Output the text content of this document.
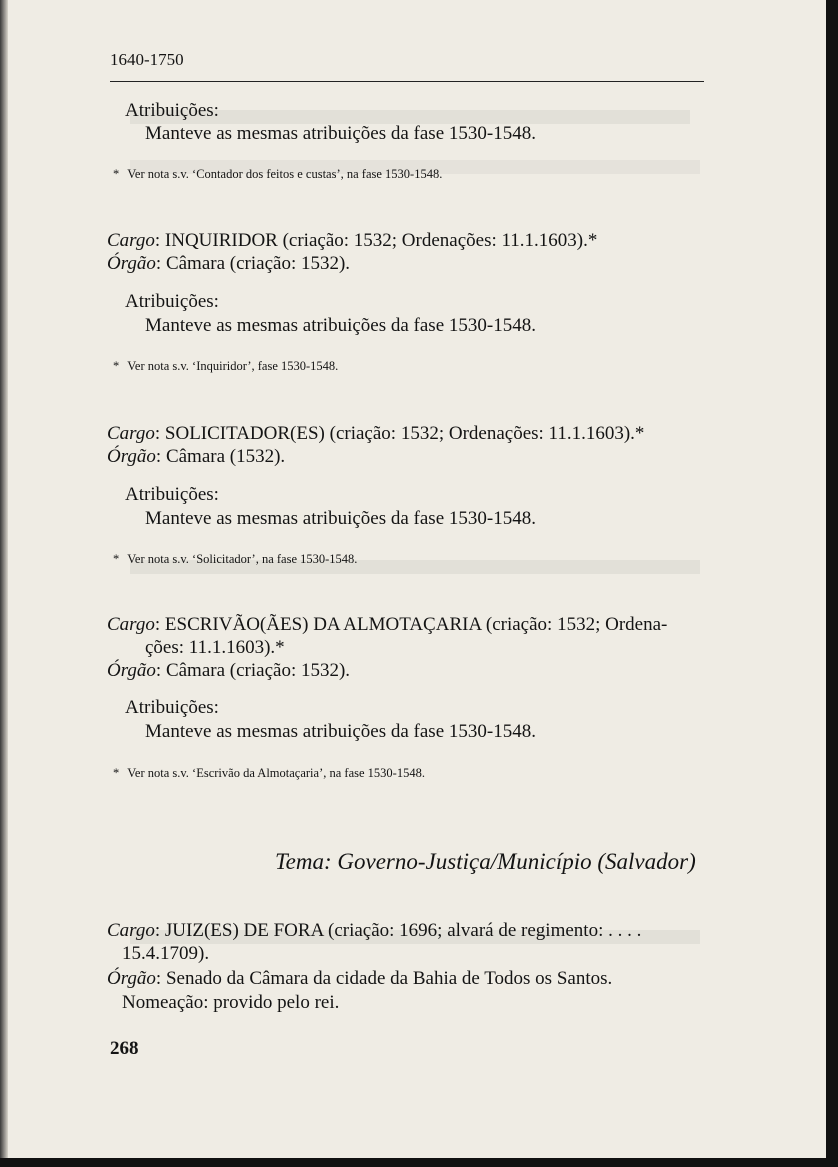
1640-1750
Atribuições:
Manteve as mesmas atribuições da fase 1530-1548.
* Ver nota s.v. ‘Contador dos feitos e custas’, na fase 1530-1548.
Cargo: INQUIRIDOR (criação: 1532; Ordenações: 11.1.1603).*
Órgão: Câmara (criação: 1532).
Atribuições:
Manteve as mesmas atribuições da fase 1530-1548.
* Ver nota s.v. ‘Inquiridor’, fase 1530-1548.
Cargo: SOLICITADOR(ES) (criação: 1532; Ordenações: 11.1.1603).*
Órgão: Câmara (1532).
Atribuições:
Manteve as mesmas atribuições da fase 1530-1548.
* Ver nota s.v. ‘Solicitador’, na fase 1530-1548.
Cargo: ESCRIVÃO(ÃES) DA ALMOTAÇARIA (criação: 1532; Ordena-
ções: 11.1.1603).*
Órgão: Câmara (criação: 1532).
Atribuições:
Manteve as mesmas atribuições da fase 1530-1548.
* Ver nota s.v. ‘Escrivão da Almotaçaria’, na fase 1530-1548.
Tema: Governo-Justiça/Município (Salvador)
Cargo: JUIZ(ES) DE FORA (criação: 1696; alvará de regimento: . . . .
15.4.1709).
Órgão: Senado da Câmara da cidade da Bahia de Todos os Santos.
Nomeação: provido pelo rei.
268
